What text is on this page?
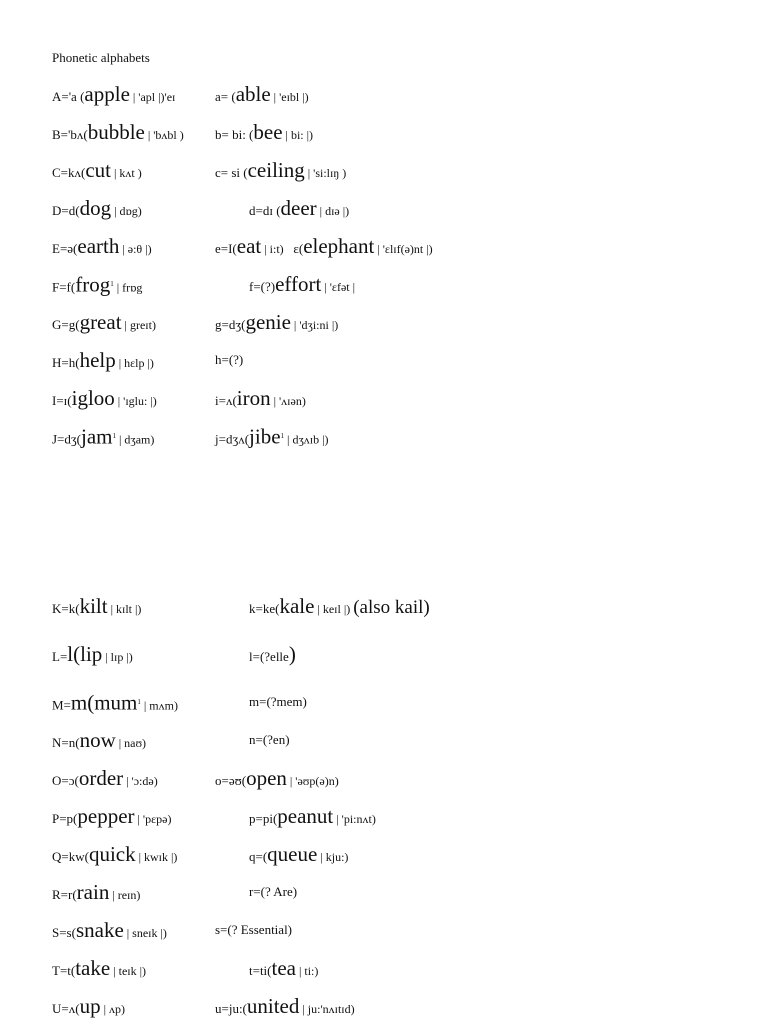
Phonetic alphabets
A='a (apple | 'apl |)'eɪ	a= (able | 'eɪbl |)
B='bʌ(bubble | 'bʌbl ) b= bi: (bee | bi: |)
C=kʌ(cut | kʌt )	c= si (ceiling | 'si:lɪŋ )
D=d(dog | dɒg)	d=dɪ (deer | dɪə |)
E=ə(earth | ə:θ |)	e=I(eat | i:t)   ɛ(elephant | 'ɛlɪf(ə)nt |)
F=f(frog$^1$ | frɒg	f=(?)effort | 'ɛfət |
G=g(great | greɪt)	g=dʒ(genie | 'dʒi:ni |)
H=h(help | hɛlp |)	h=(?)
I=ɪ(igloo | 'ɪglu: |)	i=ʌ(iron | 'ʌɪən)
J=dʒ(jam$^1$ | dʒam)	j=dʒʌ(jibe$^1$ | dʒʌɪb |)
K=k(kilt | kɪlt |)	k=ke(kale | keɪl |) (also kail)
L=l(lip | lɪp |)	l=(?elle)
M=m(mum$^1$ | mʌm)	m=(?mem)
N=n(now | naʊ)	n=(?en)
O=ɔ(order | 'ɔ:də)	o=əʊ(open | 'əʊp(ə)n)
P=p(pepper | 'pɛpə)	p=pi(peanut | 'pi:nʌt)
Q=kw(quick | kwɪk |)	q=(queue | kju:)
R=r(rain | reɪn)	r=(? Are)
S=s(snake | sneɪk |)	s=(? Essential)
T=t(take | teɪk |)	t=ti(tea | ti:)
U=ʌ(up | ʌp)	u=ju:(united | ju:'nʌɪtɪd)
